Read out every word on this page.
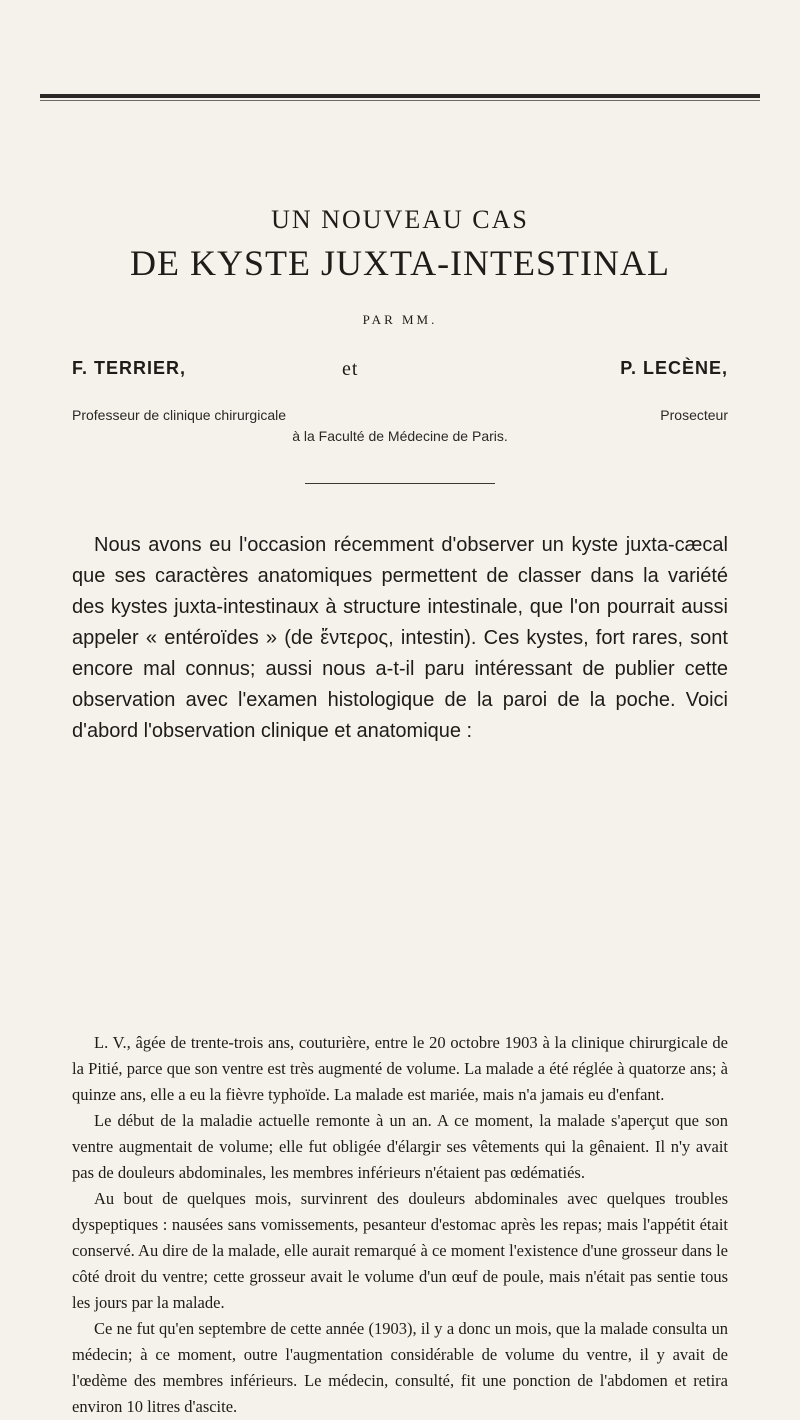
UN NOUVEAU CAS
DE KYSTE JUXTA-INTESTINAL
PAR MM.
F. TERRIER,	et	P. LECÈNE,
Professeur de clinique chirurgicale	Prosecteur
à la Faculté de Médecine de Paris.

Nous avons eu l'occasion récemment d'observer un kyste juxta-cæcal que ses caractères anatomiques permettent de classer dans la variété des kystes juxta-intestinaux à structure intestinale, que l'on pourrait aussi appeler « entéroïdes » (de ἔντερος, intestin). Ces kystes, fort rares, sont encore mal connus; aussi nous a-t-il paru intéressant de publier cette observation avec l'examen histologique de la paroi de la poche. Voici d'abord l'observation clinique et anatomique :

L. V., âgée de trente-trois ans, couturière, entre le 20 octobre 1903 à la clinique chirurgicale de la Pitié, parce que son ventre est très augmenté de volume. La malade a été réglée à quatorze ans; à quinze ans, elle a eu la fièvre typhoïde. La malade est mariée, mais n'a jamais eu d'enfant.

Le début de la maladie actuelle remonte à un an. A ce moment, la malade s'aperçut que son ventre augmentait de volume; elle fut obligée d'élargir ses vêtements qui la gênaient. Il n'y avait pas de douleurs abdominales, les membres inférieurs n'étaient pas œdématiés.

Au bout de quelques mois, survinrent des douleurs abdominales avec quelques troubles dyspeptiques : nausées sans vomissements, pesanteur d'estomac après les repas; mais l'appétit était conservé. Au dire de la malade, elle aurait remarqué à ce moment l'existence d'une grosseur dans le côté droit du ventre; cette grosseur avait le volume d'un œuf de poule, mais n'était pas sentie tous les jours par la malade.

Ce ne fut qu'en septembre de cette année (1903), il y a donc un mois, que la malade consulta un médecin; à ce moment, outre l'augmentation considérable de volume du ventre, il y avait de l'œdème des membres inférieurs. Le médecin, consulté, fit une ponction de l'abdomen et retira environ 10 litres d'ascite.
